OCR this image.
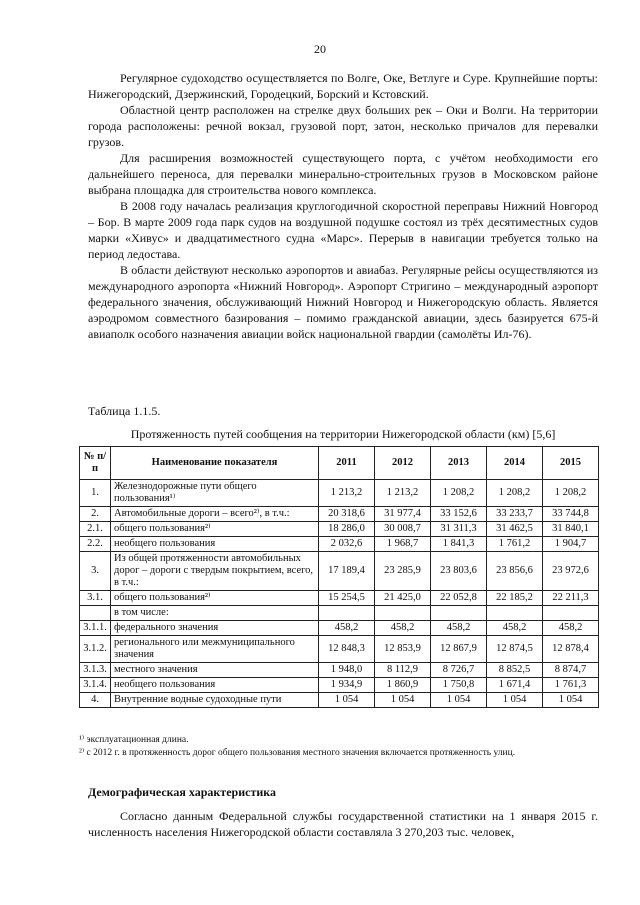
20

Регулярное судоходство осуществляется по Волге, Оке, Ветлуге и Суре. Крупнейшие порты: Нижегородский, Дзержинский, Городецкий, Борский и Кстовский.

Областной центр расположен на стрелке двух больших рек – Оки и Волги. На территории города расположены: речной вокзал, грузовой порт, затон, несколько причалов для перевалки грузов.

Для расширения возможностей существующего порта, с учётом необходимости его дальнейшего переноса, для перевалки минерально-строительных грузов в Московском районе выбрана площадка для строительства нового комплекса.

В 2008 году началась реализация круглогодичной скоростной переправы Нижний Новгород – Бор. В марте 2009 года парк судов на воздушной подушке состоял из трёх десятиместных судов марки «Хивус» и двадцатиместного судна «Марс». Перерыв в навигации требуется только на период ледостава.

В области действуют несколько аэропортов и авиабаз. Регулярные рейсы осуществляются из международного аэропорта «Нижний Новгород». Аэропорт Стригино – международный аэропорт федерального значения, обслуживающий Нижний Новгород и Нижегородскую область. Является аэродромом совместного базирования – помимо гражданской авиации, здесь базируется 675-й авиаполк особого назначения авиации войск национальной гвардии (самолёты Ил-76).

Таблица 1.1.5.
Протяженность путей сообщения на территории Нижегородской области (км) [5,6]
№ п/п	Наименование показателя	2011	2012	2013	2014	2015
1.	Железнодорожные пути общего пользования¹⁾	1 213,2	1 213,2	1 208,2	1 208,2	1 208,2
2.	Автомобильные дороги – всего²⁾, в т.ч.:	20 318,6	31 977,4	33 152,6	33 233,7	33 744,8
2.1.	общего пользования²⁾	18 286,0	30 008,7	31 311,3	31 462,5	31 840,1
2.2.	необщего пользования	2 032,6	1 968,7	1 841,3	1 761,2	1 904,7
3.	Из общей протяженности автомобильных дорог – дороги с твердым покрытием, всего, в т.ч.:	17 189,4	23 285,9	23 803,6	23 856,6	23 972,6
3.1.	общего пользования²⁾	15 254,5	21 425,0	22 052,8	22 185,2	22 211,3
	в том числе:					
3.1.1.	федерального значения	458,2	458,2	458,2	458,2	458,2
3.1.2.	регионального или межмуниципального значения	12 848,3	12 853,9	12 867,9	12 874,5	12 878,4
3.1.3.	местного значения	1 948,0	8 112,9	8 726,7	8 852,5	8 874,7
3.1.4.	необщего пользования	1 934,9	1 860,9	1 750,8	1 671,4	1 761,3
4.	Внутренние водные судоходные пути	1 054	1 054	1 054	1 054	1 054

¹⁾ эксплуатационная длина.

²⁾ с 2012 г. в протяженность дорог общего пользования местного значения включается протяженность улиц.

Демографическая характеристика

Согласно данным Федеральной службы государственной статистики на 1 января 2015 г. численность населения Нижегородской области составляла 3 270,203 тыс. человек,
